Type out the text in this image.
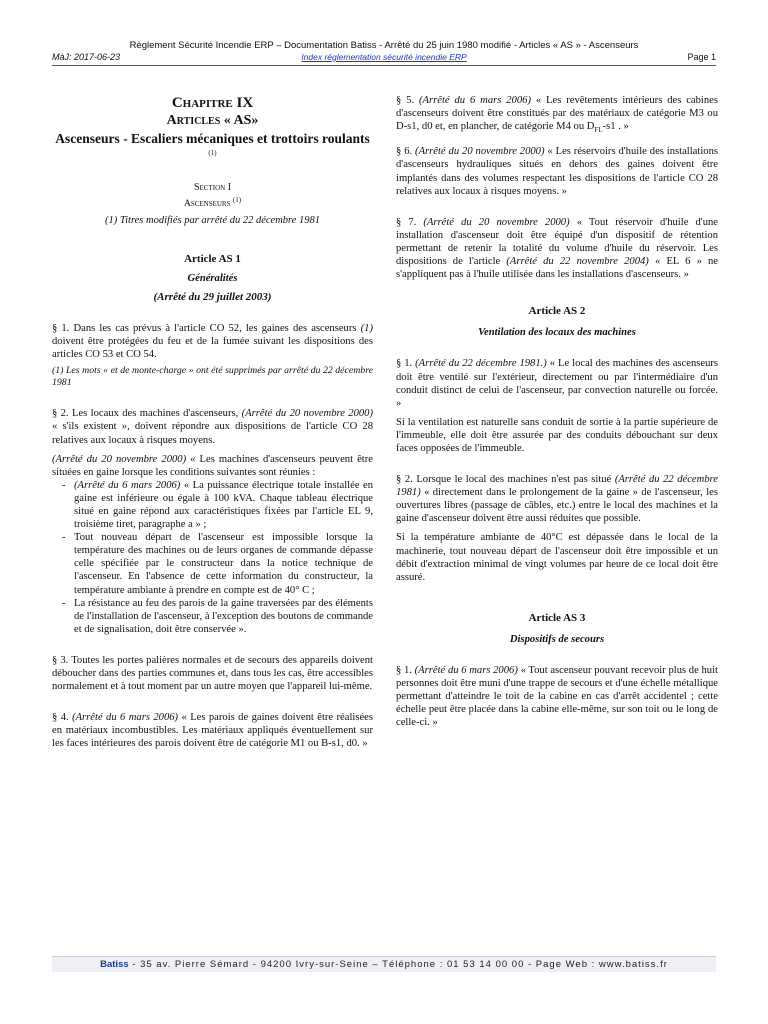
Règlement Sécurité Incendie ERP – Documentation Batiss - Arrêté du 25 juin 1980 modifié - Articles « AS » - Ascenseurs
MàJ: 2017-06-23	Index réglementation sécurité incendie ERP	Page 1
Chapitre IX
Articles « AS»
Ascenseurs - Escaliers mécaniques et trottoirs roulants $^{(1)}$
Section I
Ascenseurs $^{(1)}$
(1) Titres modifiés par arrêté du 22 décembre 1981
Article AS 1
Généralités
(Arrêté du 29 juillet 2003)

§ 1. Dans les cas prévus à l'article CO 52, les gaines des ascenseurs (1) doivent être protégées du feu et de la fumée suivant les dispositions des articles CO 53 et CO 54.

(1) Les mots « et de monte-charge » ont été supprimés par arrêté du 22 décembre 1981

§ 2. Les locaux des machines d'ascenseurs, (Arrêté du 20 novembre 2000) « s'ils existent », doivent répondre aux dispositions de l'article CO 28 relatives aux locaux à risques moyens.

(Arrêté du 20 novembre 2000) « Les machines d'ascenseurs peuvent être situées en gaine lorsque les conditions suivantes sont réunies :

- (Arrêté du 6 mars 2006) « La puissance électrique totale installée en gaine est inférieure ou égale à 100 kVA. Chaque tableau électrique situé en gaine répond aux caractéristiques fixées par l'article EL 9, troisième tiret, paragraphe a » ;
- Tout nouveau départ de l'ascenseur est impossible lorsque la température des machines ou de leurs organes de commande dépasse celle spécifiée par le constructeur dans la notice technique de l'ascenseur. En l'absence de cette information du constructeur, la température ambiante à prendre en compte est de 40° C ;
- La résistance au feu des parois de la gaine traversées par des éléments de l'installation de l'ascenseur, à l'exception des boutons de commande et de signalisation, doit être conservée ».

§ 3. Toutes les portes palières normales et de secours des appareils doivent déboucher dans des parties communes et, dans tous les cas, être accessibles normalement et à tout moment par un autre moyen que l'appareil lui-même.

§ 4. (Arrêté du 6 mars 2006) « Les parois de gaines doivent être réalisées en matériaux incombustibles. Les matériaux appliqués éventuellement sur les faces intérieures des parois doivent être de catégorie M1 ou B-s1, d0. »

§ 5. (Arrêté du 6 mars 2006) « Les revêtements intérieurs des cabines d'ascenseurs doivent être constitués par des matériaux de catégorie M3 ou D-s1, d0 et, en plancher, de catégorie M4 ou $D_{FL}-s1$ . »

§ 6. (Arrêté du 20 novembre 2000) « Les réservoirs d'huile des installations d'ascenseurs hydrauliques situés en dehors des gaines doivent être implantés dans des volumes respectant les dispositions de l'article CO 28 relatives aux locaux à risques moyens. »

§ 7. (Arrêté du 20 novembre 2000) « Tout réservoir d'huile d'une installation d'ascenseur doit être équipé d'un dispositif de rétention permettant de retenir la totalité du volume d'huile du réservoir. Les dispositions de l'article (Arrêté du 22 novembre 2004) « EL 6 » ne s'appliquent pas à l'huile utilisée dans les installations d'ascenseurs. »

Article AS 2
Ventilation des locaux des machines

§ 1. (Arrêté du 22 décembre 1981.) « Le local des machines des ascenseurs doit être ventilé sur l'extérieur, directement ou par l'intermédiaire d'un conduit distinct de celui de l'ascenseur, par convection naturelle ou forcée. »

Si la ventilation est naturelle sans conduit de sortie à la partie supérieure de l'immeuble, elle doit être assurée par des conduits débouchant sur deux faces opposées de l'immeuble.

§ 2. Lorsque le local des machines n'est pas situé (Arrêté du 22 décembre 1981) « directement dans le prolongement de la gaine » de l'ascenseur, les ouvertures libres (passage de câbles, etc.) entre le local des machines et la gaine d'ascenseur doivent être aussi réduites que possible.

Si la température ambiante de 40°C est dépassée dans le local de la machinerie, tout nouveau départ de l'ascenseur doit être impossible et un débit d'extraction minimal de vingt volumes par heure de ce local doit être assuré.

Article AS 3
Dispositifs de secours

§ 1. (Arrêté du 6 mars 2006) « Tout ascenseur pouvant recevoir plus de huit personnes doit être muni d'une trappe de secours et d'une échelle métallique permettant d'atteindre le toit de la cabine en cas d'arrêt accidentel ; cette échelle peut être placée dans la cabine elle-même, sur son toit ou le long de celle-ci. »

Batiss - 35 av. Pierre Sémard - 94200 Ivry-sur-Seine – Téléphone : 01 53 14 00 00 - Page Web : www.batiss.fr
